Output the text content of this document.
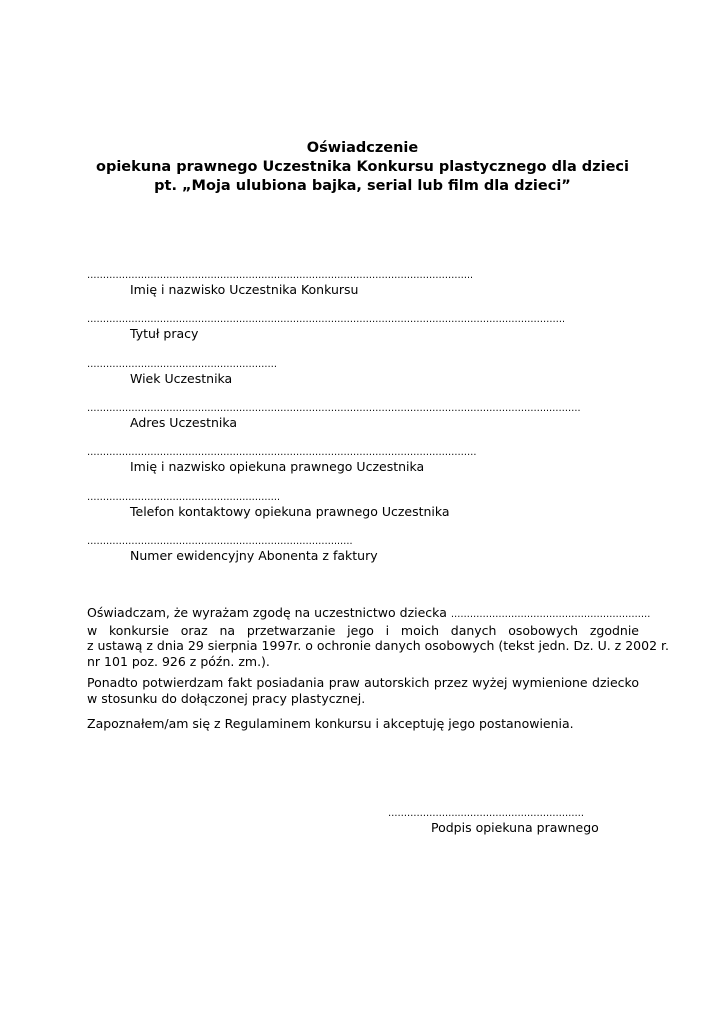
Oświadczenie
opiekuna prawnego Uczestnika Konkursu plastycznego dla dzieci
pt. „Moja ulubiona bajka, serial lub film dla dzieci”
…………………………………………………………………………………………………………..
Imię i nazwisko Uczestnika Konkursu
…………………………………………………………………………………………………………………………………….
Tytuł pracy
……………………………………………………
Wiek Uczestnika
………………………………………………………………………………………………………………………………..……….
Adres Uczestnika
……………………………………………………………………………………………………………
Imię i nazwisko opiekuna prawnego Uczestnika
…………………………………………………….
Telefon kontaktowy opiekuna prawnego Uczestnika
……………………………………………………………………..….
Numer ewidencyjny Abonenta z faktury
Oświadczam, że wyrażam zgodę na uczestnictwo dziecka ………………………………………………………
w konkursie oraz na przetwarzanie jego i moich danych osobowych zgodnie
z ustawą z dnia 29 sierpnia 1997r. o ochronie danych osobowych (tekst jedn. Dz. U. z 2002 r.
nr 101 poz. 926 z późn. zm.).
Ponadto potwierdzam fakt posiadania praw autorskich przez wyżej wymienione dziecko
w stosunku do dołączonej pracy plastycznej.
Zapoznałem/am się z Regulaminem konkursu i akceptuję jego postanowienia.
…………………..…………………………………
Podpis opiekuna prawnego
